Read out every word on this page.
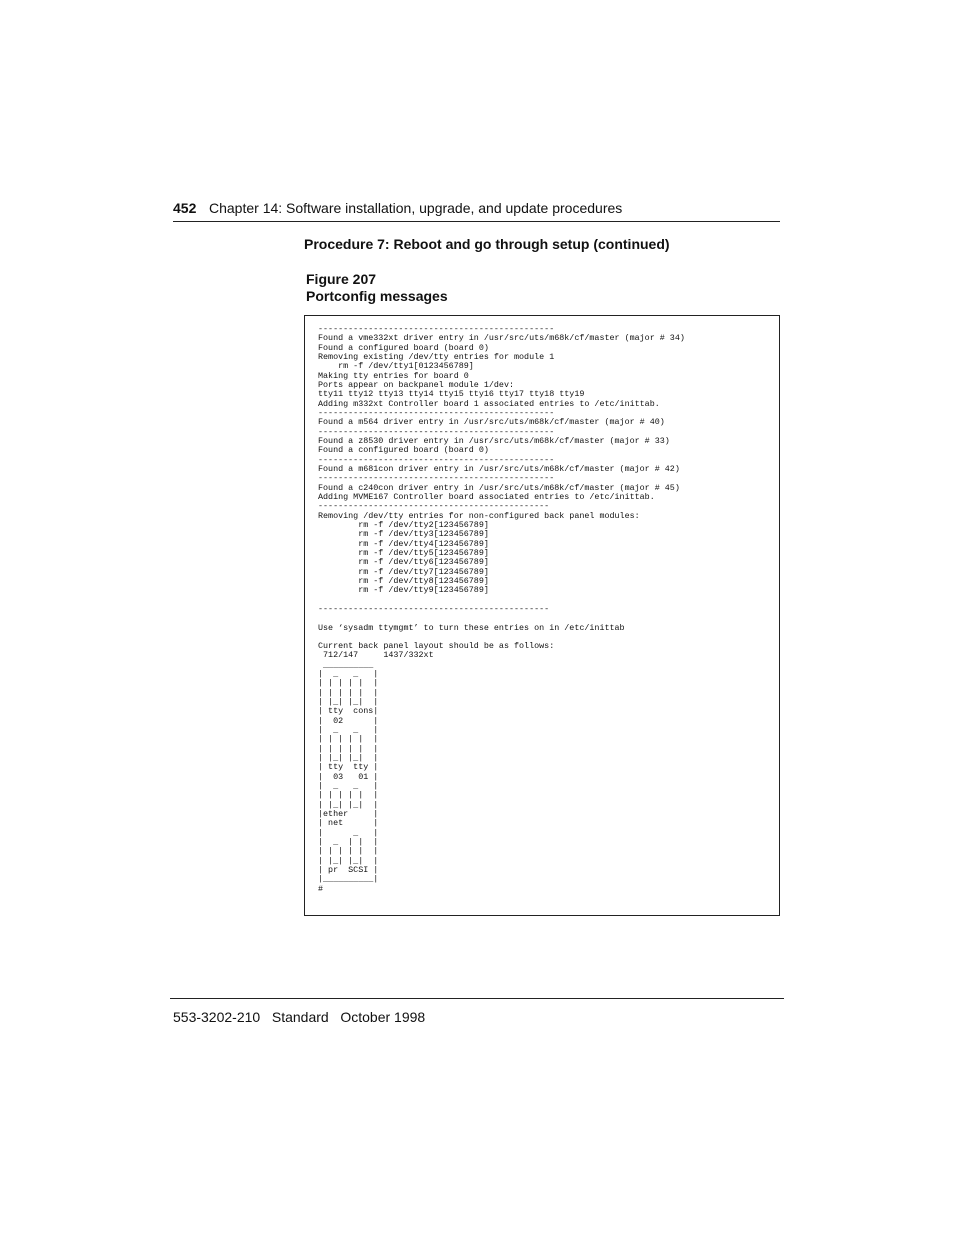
452 Chapter 14: Software installation, upgrade, and update procedures
Procedure 7: Reboot and go through setup (continued)
Figure 207
Portconfig messages
-----------------------------------------------
Found a vme332xt driver entry in /usr/src/uts/m68k/cf/master (major # 34)
Found a configured board (board 0)
Removing existing /dev/tty entries for module 1
rm -f /dev/tty1[0123456789]
Making tty entries for board 0
Ports appear on backpanel module 1/dev:
tty11 tty12 tty13 tty14 tty15 tty16 tty17 tty18 tty19
Adding m332xt Controller board 1 associated entries to /etc/inittab.
-----------------------------------------------
Found a m564 driver entry in /usr/src/uts/m68k/cf/master (major # 40)
-----------------------------------------------
Found a z8530 driver entry in /usr/src/uts/m68k/cf/master (major # 33)
Found a configured board (board 0)
-----------------------------------------------
Found a m681con driver entry in /usr/src/uts/m68k/cf/master (major # 42)
-----------------------------------------------
Found a c240con driver entry in /usr/src/uts/m68k/cf/master (major # 45)
Adding MVME167 Controller board associated entries to /etc/inittab.
----------------------------------------------
Removing /dev/tty entries for non-configured back panel modules:
rm -f /dev/tty2[123456789]
rm -f /dev/tty3[123456789]
rm -f /dev/tty4[123456789]
rm -f /dev/tty5[123456789]
rm -f /dev/tty6[123456789]
rm -f /dev/tty7[123456789]
rm -f /dev/tty8[123456789]
rm -f /dev/tty9[123456789]

----------------------------------------------

Use ‘sysadm ttymgmt’ to turn these entries on in /etc/inittab

Current back panel layout should be as follows:
712/147     1437/332xt
__________
|  _   _   |
| | | | |  |
| | | | |  |
| |_| |_|  |
| tty  cons|
|  02      |
|  _   _   |
| | | | |  |
| | | | |  |
| |_| |_|  |
| tty  tty |
|  03   01 |
|  _   _   |
| | | | |  |
| |_| |_|  |
|ether     |
| net      |
|      _   |
|  _  | |  |
| | | | |  |
| |_| |_|  |
| pr  SCSI |
|__________|
#
553-3202-210 Standard October 1998
